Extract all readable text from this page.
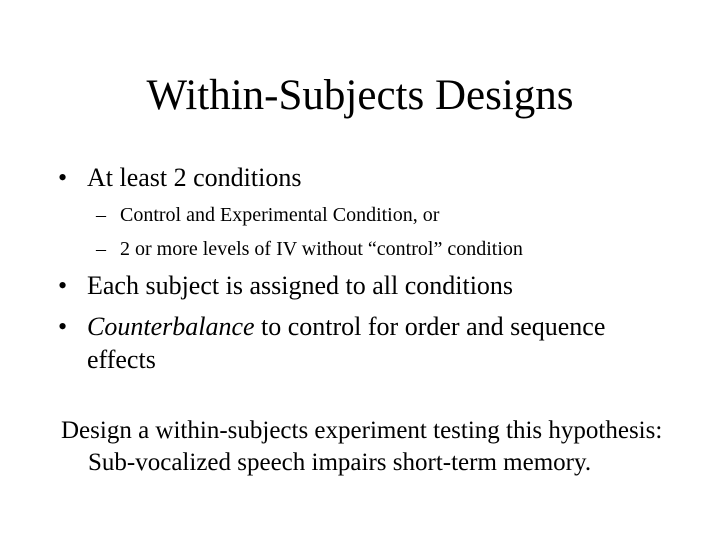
Within-Subjects Designs
• At least 2 conditions
– Control and Experimental Condition, or
– 2 or more levels of IV without “control” condition
• Each subject is assigned to all conditions
• Counterbalance to control for order and sequence
effects
Design a within-subjects experiment testing this hypothesis:
Sub-vocalized speech impairs short-term memory.
